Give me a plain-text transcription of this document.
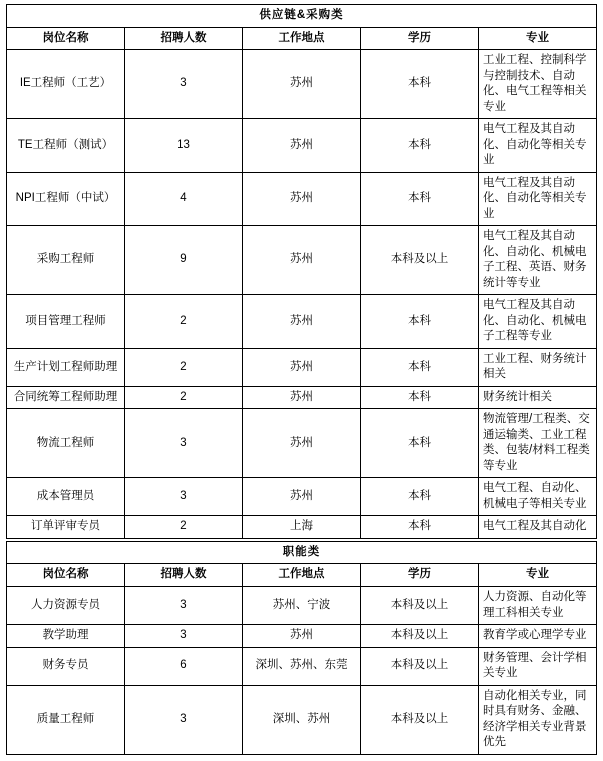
供应链&采购类				
岗位名称	招聘人数	工作地点	学历	专业
IE工程师（工艺）	3	苏州	本科	工业工程、控制科学与控制技术、自动化、电气工程等相关专业
TE工程师（测试）	13	苏州	本科	电气工程及其自动化、自动化等相关专业
NPI工程师（中试）	4	苏州	本科	电气工程及其自动化、自动化等相关专业
采购工程师	9	苏州	本科及以上	电气工程及其自动化、自动化、机械电子工程、英语、财务统计等专业
项目管理工程师	2	苏州	本科	电气工程及其自动化、自动化、机械电子工程等专业
生产计划工程师助理	2	苏州	本科	工业工程、财务统计相关
合同统筹工程师助理	2	苏州	本科	财务统计相关
物流工程师	3	苏州	本科	物流管理/工程类、交通运输类、工业工程类、包装/材料工程类等专业
成本管理员	3	苏州	本科	电气工程、自动化、机械电子等相关专业
订单评审专员	2	上海	本科	电气工程及其自动化
职能类				
岗位名称	招聘人数	工作地点	学历	专业
人力资源专员	3	苏州、宁波	本科及以上	人力资源、自动化等理工科相关专业
教学助理	3	苏州	本科及以上	教育学或心理学专业
财务专员	6	深圳、苏州、东莞	本科及以上	财务管理、会计学相关专业
质量工程师	3	深圳、苏州	本科及以上	自动化相关专业，同时具有财务、金融、经济学相关专业背景优先
